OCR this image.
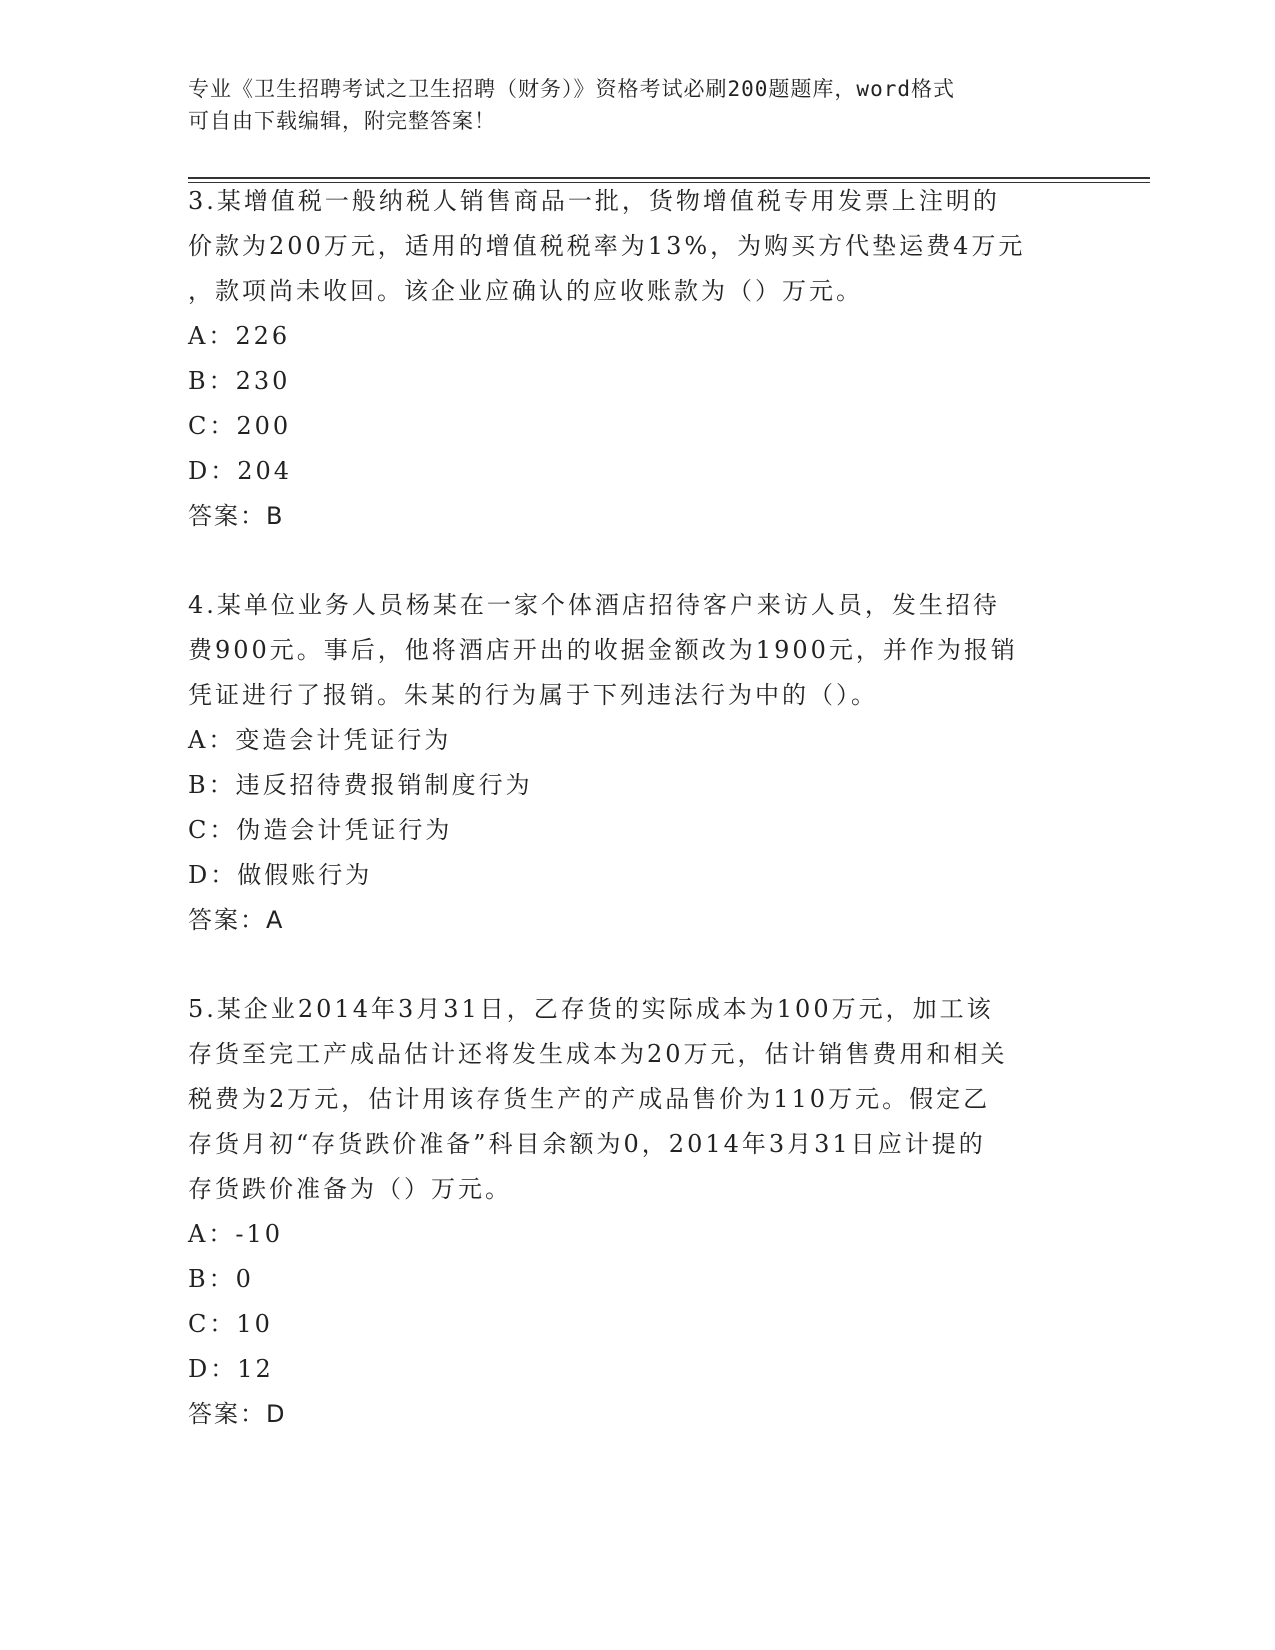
专业《卫生招聘考试之卫生招聘（财务）》资格考试必刷200题题库，word格式
可自由下载编辑，附完整答案！
3.某增值税一般纳税人销售商品一批，货物增值税专用发票上注明的
价款为200万元，适用的增值税税率为13%，为购买方代垫运费4万元
，款项尚未收回。该企业应确认的应收账款为（）万元。
A：226
B：230
C：200
D：204
答案：B
4.某单位业务人员杨某在一家个体酒店招待客户来访人员，发生招待
费900元。事后，他将酒店开出的收据金额改为1900元，并作为报销
凭证进行了报销。朱某的行为属于下列违法行为中的（）。
A：变造会计凭证行为
B：违反招待费报销制度行为
C：伪造会计凭证行为
D：做假账行为
答案：A
5.某企业2014年3月31日，乙存货的实际成本为100万元，加工该
存货至完工产成品估计还将发生成本为20万元，估计销售费用和相关
税费为2万元，估计用该存货生产的产成品售价为110万元。假定乙
存货月初“存货跌价准备”科目余额为0，2014年3月31日应计提的
存货跌价准备为（）万元。
A：-10
B：0
C：10
D：12
答案：D
